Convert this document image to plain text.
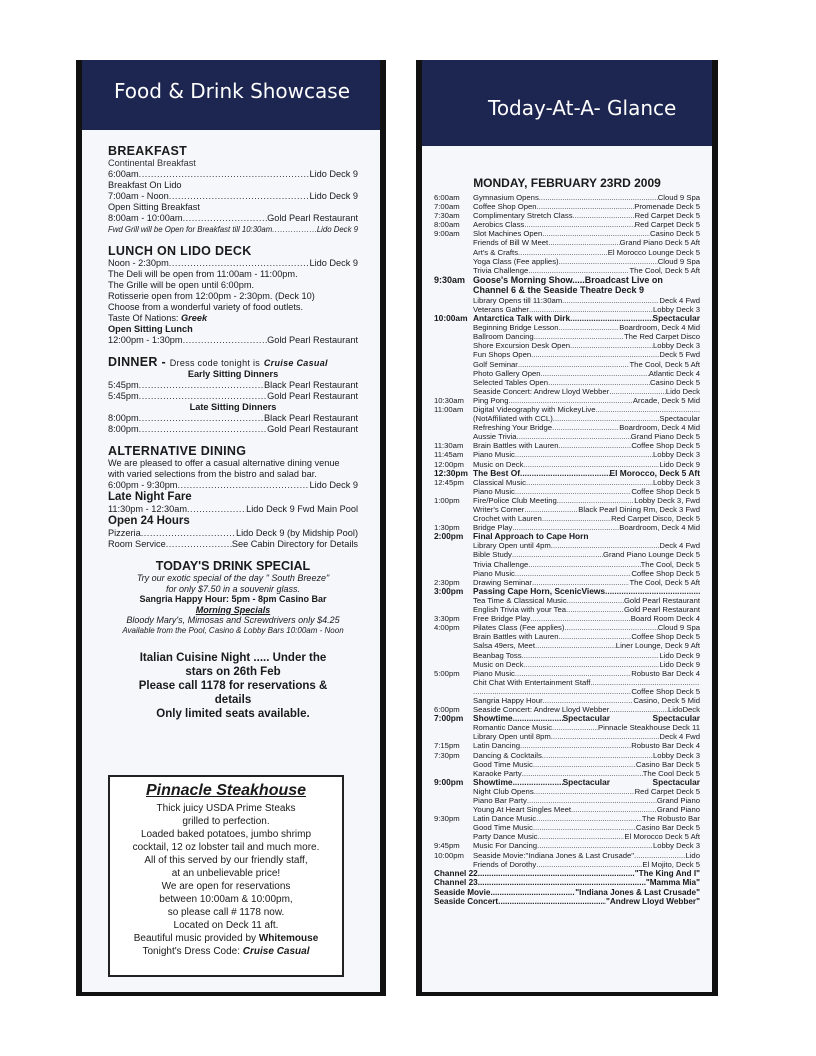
Food & Drink Showcase
BREAKFAST
Continental Breakfast
6:00am .....	Lido Deck 9
Breakfast On Lido
7:00am - Noon .....	Lido Deck 9
Open Sitting Breakfast
8:00am - 10:00am .....	Gold Pearl Restaurant
Fwd Grill will be Open for Breakfast till 10:30am .....	Lido Deck 9
LUNCH ON LIDO DECK
Noon - 2:30pm .....	Lido Deck 9
The Deli will be open from 11:00am - 11:00pm.
The Grille will be open until 6:00pm.
Rotisserie open from 12:00pm - 2:30pm. (Deck 10)
Choose from a wonderful variety of food outlets.
Taste Of Nations: Greek
Open Sitting Lunch
12:00pm - 1:30pm .....	Gold Pearl Restaurant
DINNER - Dress code tonight is Cruise Casual
Early Sitting Dinners
5:45pm .....	Black Pearl Restaurant
5:45pm .....	Gold Pearl Restaurant
Late Sitting Dinners
8:00pm .....	Black Pearl Restaurant
8:00pm .....	Gold Pearl Restaurant
ALTERNATIVE DINING
We are pleased to offer a casual alternative dining venue
with varied selections from the bistro and salad bar.
6:00pm - 9:30pm .....	Lido Deck 9
Late Night Fare
11:30pm - 12:30am .....	Lido Deck 9 Fwd Main Pool
Open 24 Hours
Pizzeria .....	Lido Deck 9 (by Midship Pool)
Room Service .....	See Cabin Directory for Details
TODAY'S DRINK SPECIAL
Try our exotic special of the day " South Breeze"
for only $7.50 in a souvenir glass.
Sangria Happy Hour: 5pm - 8pm Casino Bar
Morning Specials
Bloody Mary's, Mimosas and Screwdrivers only $4.25
Available from the Pool, Casino & Lobby Bars 10:00am - Noon
Italian Cuisine Night ..... Under the
stars on 26th Feb
Please call 1178 for reservations &
details
Only limited seats available.
Pinnacle Steakhouse
Thick juicy USDA Prime Steaks
grilled to perfection.
Loaded baked potatoes, jumbo shrimp
cocktail, 12 oz lobster tail and much more.
All of this served by our friendly staff,
at an unbelievable price!
We are open for reservations
between 10:00am & 10:00pm,
so please call # 1178 now.
Located on Deck 11 aft.
Beautiful music provided by Whitemouse
Tonight's Dress Code: Cruise Casual
Today-At-A- Glance
MONDAY, FEBRUARY 23RD 2009
6:00am	Gymnasium Opens .....	Cloud 9 Spa
7:00am	Coffee Shop Open .....	Promenade Deck 5
7:30am	Complimentary Stretch Class .....	Red Carpet Deck 5
8:00am	Aerobics Class .....	Red Carpet Deck 5
9:00am	Slot Machines Open .....	Casino Deck 5
Friends of Bill W Meet .....	Grand Piano Deck 5 Aft
Art's & Crafts .....	El Morocco Lounge Deck 5
Yoga Class (Fee applies) .....	Cloud 9 Spa
Trivia Challenge .....	The Cool, Deck 5 Aft
9:30am Goose's Morning Show.....Broadcast Live on
Channel 6 & the Seaside Theatre Deck 9
Library Opens till 11:30am .....	Deck 4 Fwd
Veterans Gather .....	Lobby Deck 3
10:00am Antarctica Talk with Dirk .....	Spectacular
Beginning Bridge Lesson .....	Boardroom, Deck 4 Mid
Ballroom Dancing .....	The Red Carpet Disco
Shore Excursion Desk Open .....	Lobby Deck 3
Fun Shops Open .....	Deck 5 Fwd
Golf Seminar .....	The Cool, Deck 5 Aft
Photo Gallery Open .....	Atlantic Deck 4
Selected Tables Open .....	Casino Deck 5
Seaside Concert: Andrew Lloyd Webber .....	Lido Deck
10:30am	Ping Pong .....	Arcade, Deck 5 Mid
11:00am	Digital Videography with MickeyLive
.....
(NotAffiliated with CCL) .....	Spectacular
Refreshing Your Bridge .....	Boardroom, Deck 4 Mid
Aussie Trivia .....	Grand Piano Deck 5
11:30am	Brain Battles with Lauren .....	Coffee Shop Deck 5
11:45am	Piano Music .....	Lobby Deck 3
12:00pm	Music on Deck .....	Lido Deck 9
12:30pm The Best Of .....	El Morocco, Deck 5 Aft
12:45pm	Classical Music .....	Lobby Deck 3
Piano Music .....	Coffee Shop Deck 5
1:00pm	Fire/Police Club Meeting .....	Lobby Deck 3, Fwd
Writer's Corner .....	Black Pearl Dining Rm, Deck 3 Fwd
Crochet with Lauren .....	Red Carpet Disco, Deck 5
1:30pm	Bridge Play .....	Boardroom, Deck 4 Mid
2:00pm	Final Approach to Cape Horn
Library Open until 4pm .....	Deck 4 Fwd
Bible Study .....	Grand Piano Lounge Deck 5
Trivia Challenge .....	The Cool, Deck 5
Piano Music .....	Coffee Shop Deck 5
2:30pm	Drawing Seminar .....	The Cool, Deck 5 Aft
3:00pm	Passing Cape Horn, ScenicViews
.....
Tea Time & Classical Music .....	Gold Pearl Restaurant
English Trivia with your Tea .....	Gold Pearl Restaurant
3:30pm	Free Bridge Play .....	Board Room Deck 4
4:00pm	Pilates Class (Fee applies) .....	Cloud 9 Spa
Brain Battles with Lauren .....	Coffee Shop Deck 5
Salsa 49ers, Meet .....	Liner Lounge, Deck 9 Aft
Beanbag Toss .....	Lido Deck 9
Music on Deck .....	Lido Deck 9
5:00pm	Piano Music .....	Robusto Bar Deck 4
Chit Chat With Entertainment Staff
.....
.....
Coffee Shop Deck 5
Sangria Happy Hour .....	Casino, Deck 5 Mid
6:00pm	Seaside Concert: Andrew Lloyd Webber .....	LidoDeck
7:00pm	Showtime .....	Spectacular	Spectacular
Romantic Dance Music .....	Pinnacle Steakhouse Deck 11
Library Open until 8pm .....	Deck 4 Fwd
7:15pm	Latin Dancing .....	Robusto Bar Deck 4
7:30pm	Dancing & Cocktails .....	Lobby Deck 3
Good Time Music .....	Casino Bar Deck 5
Karaoke Party .....	The Cool Deck 5
9:00pm	Showtime .....	Spectacular	Spectacular
Night Club Opens .....	Red Carpet Deck 5
Piano Bar Party .....	Grand Piano
Young At Heart Singles Meet .....	Grand Piano
9:30pm	Latin Dance Music .....	The Robusto Bar
Good Time Music .....	Casino Bar Deck 5
Party Dance Music .....	El Morocco Deck 5 Aft
9:45pm	Music For Dancing .....	Lobby Deck 3
10:00pm	Seaside Movie:"Indiana Jones & Last Crusade" .....	Lido
Friends of Dorothy .....	El Mojito, Deck 5
Channel 22 .....	"The King And I"
Channel 23 .....	"Mamma Mia"
Seaside Movie .....	"Indiana Jones & Last Crusade"
Seaside Concert .....	"Andrew Lloyd Webber"
